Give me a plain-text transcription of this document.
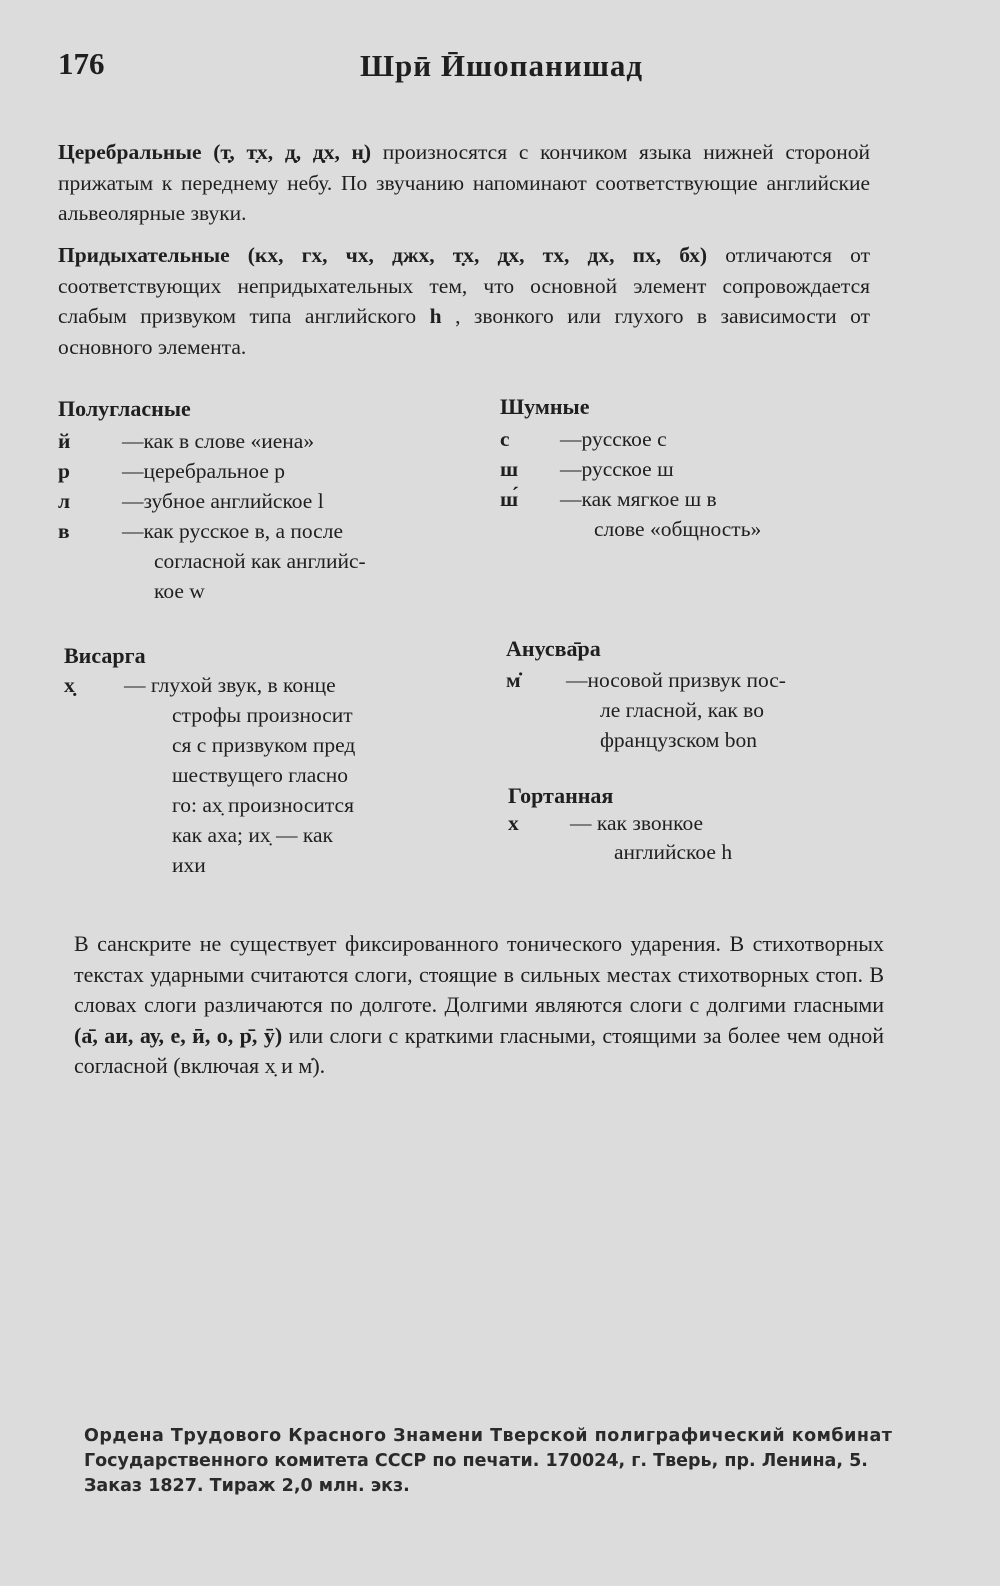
176	Шрӣ Ӣшопанишад
Церебральные (т̣, т̣х, д̣, д̣х, н̣) произносятся с кончиком языка нижней стороной прижатым к переднему небу. По звучанию напоминают соответствующие английские альвеолярные звуки.
Придыхательные (кх, гх, чх, джх, т̣х, д̣х, тх, дх, пх, бх) отличаются от соответствующих непридыхательных тем, что основной элемент сопровождается слабым призвуком типа английского h , звонкого или глухого в зависимости от основного элемента.
Полугласные
й —как в слове «иена»
р —церебральное р
л —зубное английское l
в —как русское в, а после
согласной как английс-
кое w
Шумные
с —русское с
ш —русское ш
ш́ —как мягкое ш в
слове «общность»
Висарга
х̣ — глухой звук, в конце
строфы произносит
ся с призвуком пред
шествущего гласно
го: ах̣ произносится
как аха; их̣ — как
ихи
Анусва̄ра
м̇ —носовой призвук пос-
ле гласной, как во
французском bon
Гортанная
х — как звонкое
английское h
В санскрите не существует фиксированного тонического ударения. В стихотворных текстах ударными считаются слоги, стоящие в сильных местах стихотворных стоп. В словах слоги различаются по долготе. Долгими являются слоги с долгими гласными (а̄, аи, ау, е, ӣ, о, р̄, ӯ) или слоги с краткими гласными, стоящими за более чем одной согласной (включая х̣ и м̇).
Ордена Трудового Красного Знамени Тверской полиграфический комбинат
Государственного комитета СССР по печати. 170024, г. Тверь, пр. Ленина, 5.
Заказ 1827. Тираж 2,0 млн. экз.
